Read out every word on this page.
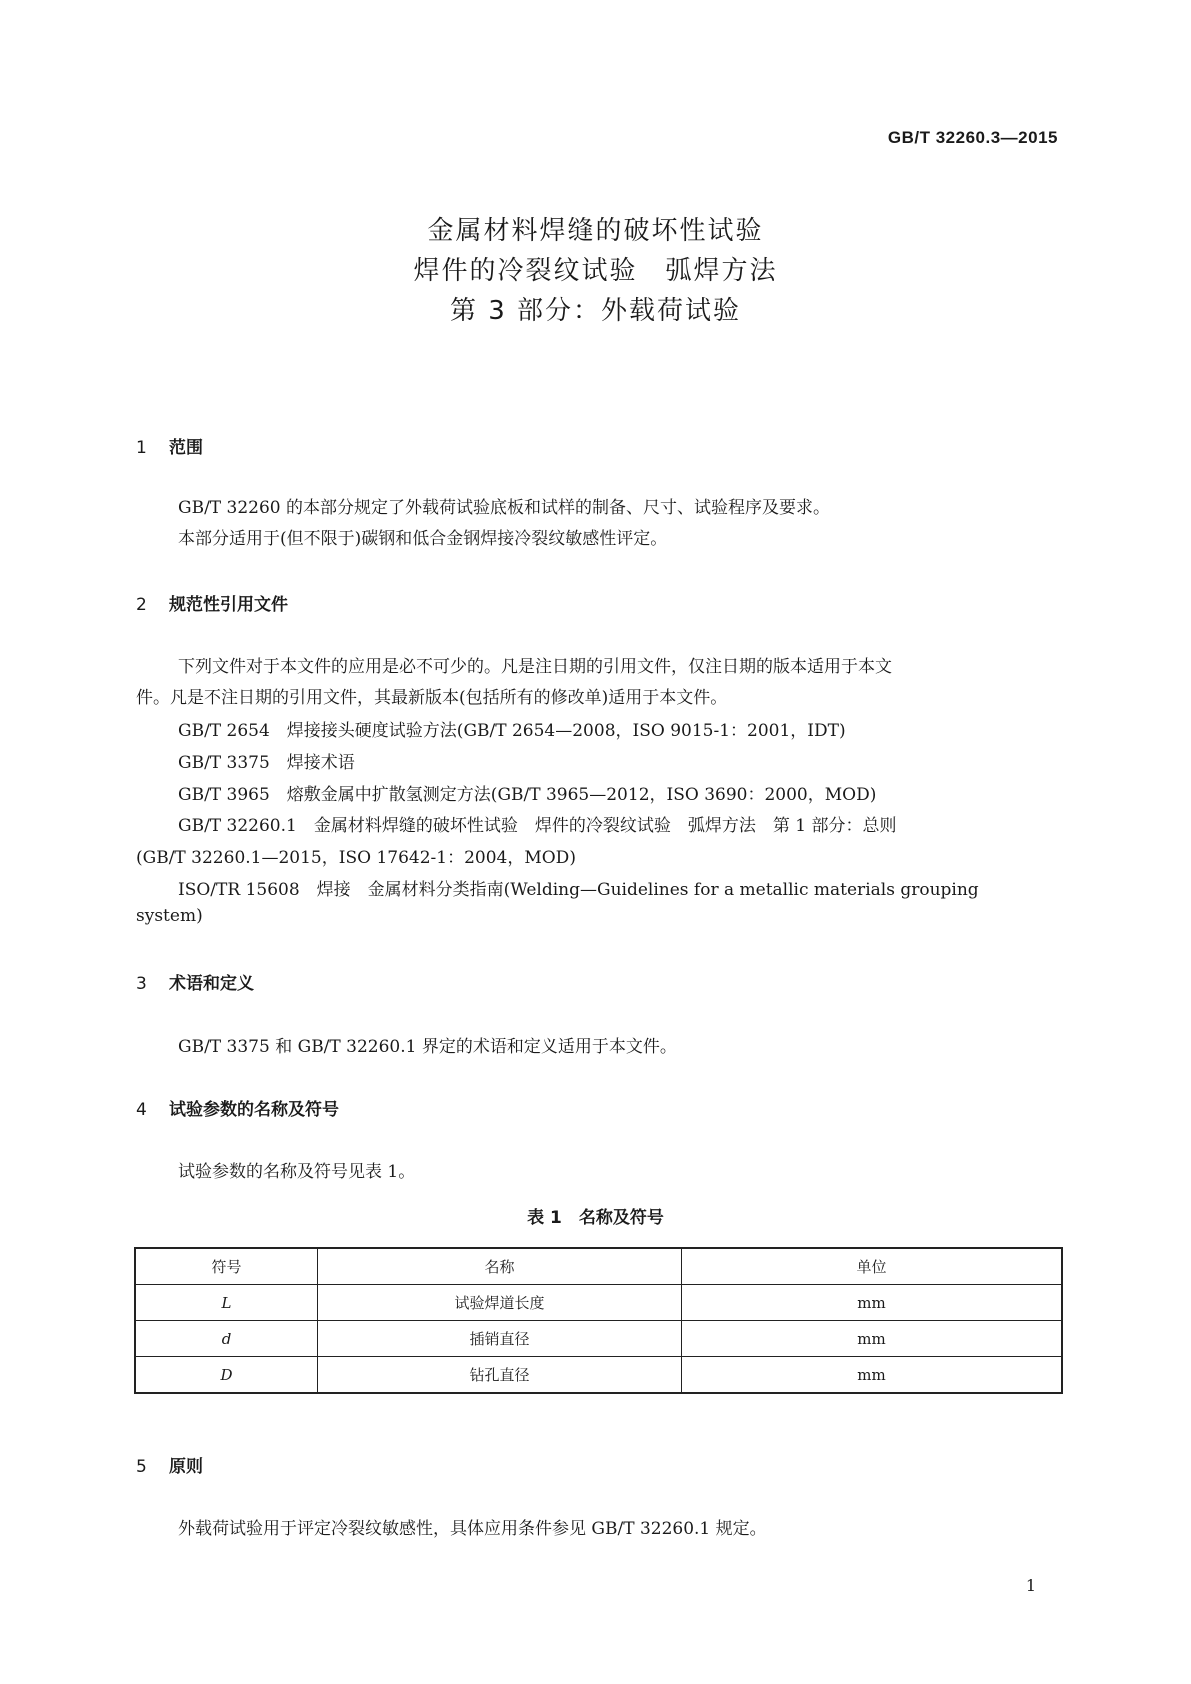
GB/T 32260.3—2015
金属材料焊缝的破坏性试验
焊件的冷裂纹试验　弧焊方法
第 3 部分：外载荷试验
1 范围
GB/T 32260 的本部分规定了外载荷试验底板和试样的制备、尺寸、试验程序及要求。
本部分适用于(但不限于)碳钢和低合金钢焊接冷裂纹敏感性评定。
2 规范性引用文件
下列文件对于本文件的应用是必不可少的。凡是注日期的引用文件，仅注日期的版本适用于本文
件。凡是不注日期的引用文件，其最新版本(包括所有的修改单)适用于本文件。
GB/T 2654　焊接接头硬度试验方法(GB/T 2654—2008，ISO 9015-1：2001，IDT)
GB/T 3375　焊接术语
GB/T 3965　熔敷金属中扩散氢测定方法(GB/T 3965—2012，ISO 3690：2000，MOD)
GB/T 32260.1　金属材料焊缝的破坏性试验　焊件的冷裂纹试验　弧焊方法　第 1 部分：总则
(GB/T 32260.1—2015，ISO 17642-1：2004，MOD)
ISO/TR 15608　焊接　金属材料分类指南(Welding—Guidelines for a metallic materials grouping
system)
3 术语和定义
GB/T 3375 和 GB/T 32260.1 界定的术语和定义适用于本文件。
4 试验参数的名称及符号
试验参数的名称及符号见表 1。
表 1　名称及符号
符号	名称	单位
L	试验焊道长度	mm
d	插销直径	mm
D	钻孔直径	mm
5 原则
外载荷试验用于评定冷裂纹敏感性，具体应用条件参见 GB/T 32260.1 规定。
1
